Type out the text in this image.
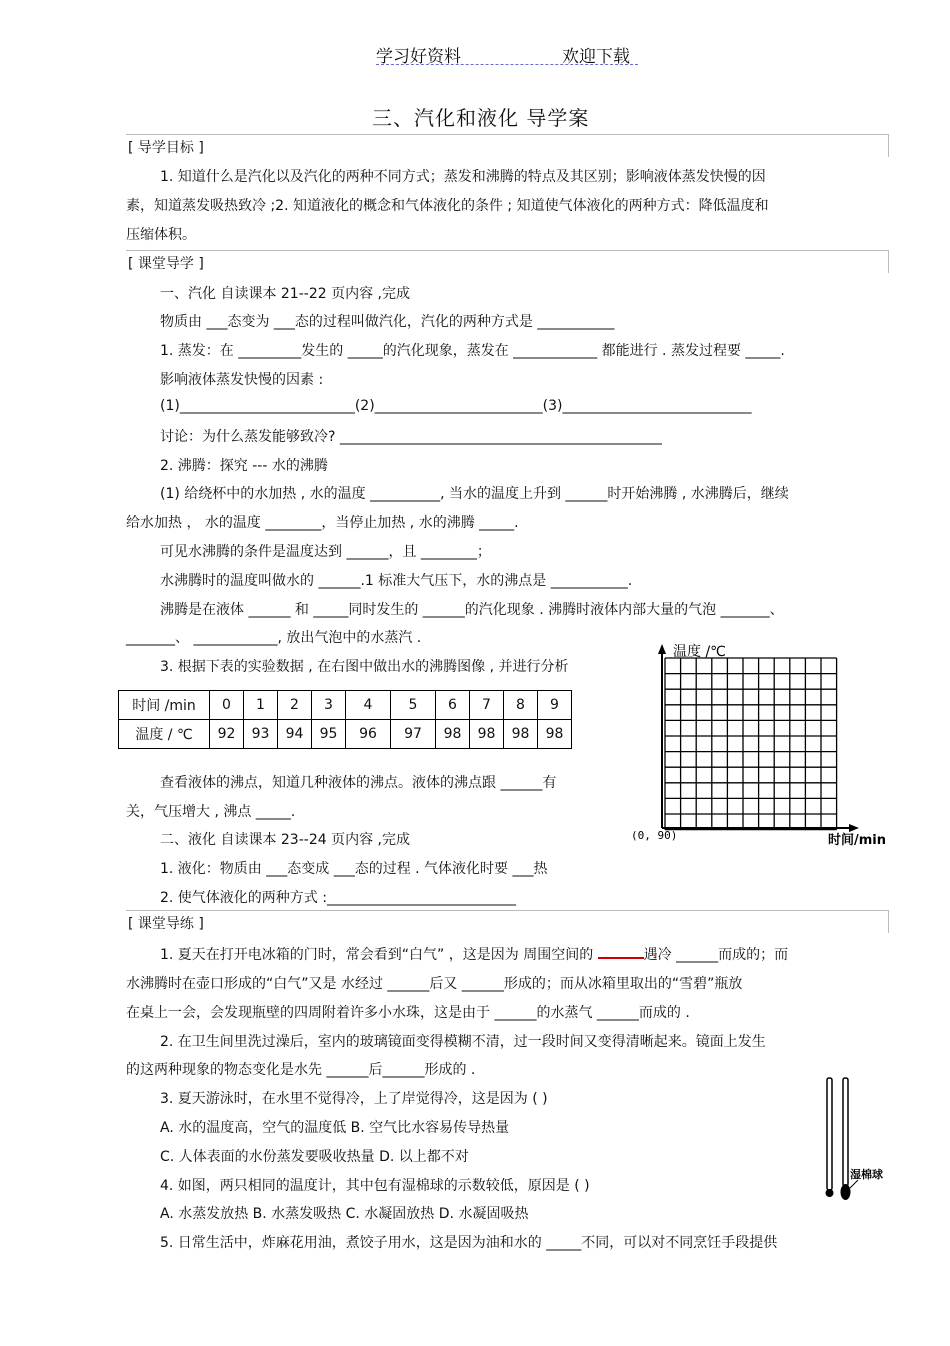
学习好资料	欢迎下载
三、汽化和液化 导学案
[ 导学目标 ]
1. 知道什么是汽化以及汽化的两种不同方式；蒸发和沸腾的特点及其区别；影响液体蒸发快慢的因
素，知道蒸发吸热致冷 ;2. 知道液化的概念和气体液化的条件 ; 知道使气体液化的两种方式：降低温度和
压缩体积。
[ 课堂导学 ]
一、汽化 自读课本 21--22 页内容 ,完成
物质由 ___态变为 ___态的过程叫做汽化，汽化的两种方式是 ___________
1. 蒸发：在 _________发生的 _____的汽化现象，蒸发在 ____________ 都能进行 . 蒸发过程要 _____.
影响液体蒸发快慢的因素 :
(1)_________________________(2)________________________(3)___________________________
讨论：为什么蒸发能够致冷? ______________________________________________
2. 沸腾：探究 --- 水的沸腾
(1) 给绕杯中的水加热 , 水的温度 __________, 当水的温度上升到 ______时开始沸腾 , 水沸腾后，继续
给水加热 ， 水的温度 ________，当停止加热 , 水的沸腾 _____.
可见水沸腾的条件是温度达到 ______，且 ________；
水沸腾时的温度叫做水的 ______.1 标准大气压下，水的沸点是 ___________.
沸腾是在液体 ______ 和 _____同时发生的 ______的汽化现象 . 沸腾时液体内部大量的气泡 _______、
_______、 ____________, 放出气泡中的水蒸汽 .
3. 根据下表的实验数据 , 在右图中做出水的沸腾图像 , 并进行分析
时间 /min	0	1	2	3	4	5	6	7	8	9
温度 / ℃	92	93	94	95	96	97	98	98	98	98
温度 /℃
时间/min
(0, 90)
查看液体的沸点，知道几种液体的沸点。液体的沸点跟 ______有
关，气压增大 , 沸点 _____.
二、液化 自读课本 23--24 页内容 ,完成
1. 液化：物质由 ___态变成 ___态的过程 . 气体液化时要 ___热
2. 使气体液化的两种方式 :___________________________
[ 课堂导练 ]
1. 夏天在打开电冰箱的门时，常会看到“白气” ，这是因为 周围空间的	遇冷 ______而成的；而
水沸腾时在壶口形成的“白气”又是 水经过 ______后又 ______形成的；而从冰箱里取出的“雪碧”瓶放
在桌上一会，会发现瓶壁的四周附着许多小水珠，这是由于 ______的水蒸气 ______而成的 .
2. 在卫生间里洗过澡后，室内的玻璃镜面变得模糊不清，过一段时间又变得清晰起来。镜面上发生
的这两种现象的物态变化是水先 ______后______形成的 .
3. 夏天游泳时，在水里不觉得冷，上了岸觉得冷，这是因为 ( )
A. 水的温度高，空气的温度低 B. 空气比水容易传导热量
C. 人体表面的水份蒸发要吸收热量 D. 以上都不对
4. 如图，两只相同的温度计，其中包有湿棉球的示数较低，原因是 ( )
A. 水蒸发放热 B. 水蒸发吸热 C. 水凝固放热 D. 水凝固吸热
5. 日常生活中，炸麻花用油，煮饺子用水，这是因为油和水的 _____不同，可以对不同烹饪手段提供
湿棉球
